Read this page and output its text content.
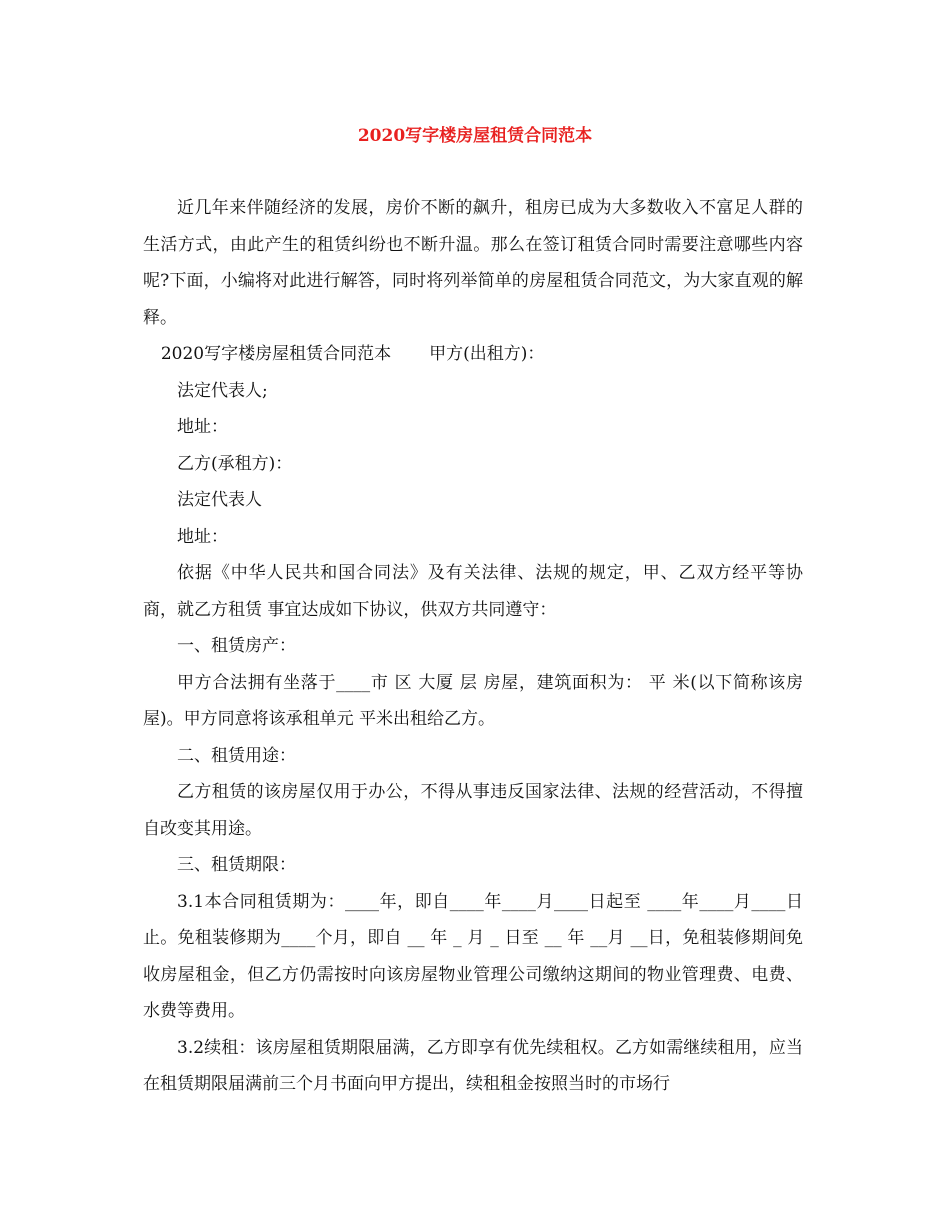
2020写字楼房屋租赁合同范本

近几年来伴随经济的发展，房价不断的飙升，租房已成为大多数收入不富足人群的生活方式，由此产生的租赁纠纷也不断升温。那么在签订租赁合同时需要注意哪些内容呢?下面，小编将对此进行解答，同时将列举简单的房屋租赁合同范文，为大家直观的解释。

2020写字楼房屋租赁合同范本 甲方(出租方)：

法定代表人;

地址：

乙方(承租方)：

法定代表人

地址：

依据《中华人民共和国合同法》及有关法律、法规的规定，甲、乙双方经平等协商，就乙方租赁 事宜达成如下协议，供双方共同遵守：

一、租赁房产：

甲方合法拥有坐落于____市 区 大厦 层 房屋，建筑面积为： 平 米(以下简称该房屋)。甲方同意将该承租单元 平米出租给乙方。

二、租赁用途：

乙方租赁的该房屋仅用于办公，不得从事违反国家法律、法规的经营活动，不得擅自改变其用途。

三、租赁期限：

3.1本合同租赁期为：____年，即自____年____月____日起至 ____年____月____日止。免租装修期为____个月，即自 __ 年 _ 月 _ 日至 __ 年 __月 __日，免租装修期间免收房屋租金，但乙方仍需按时向该房屋物业管理公司缴纳这期间的物业管理费、电费、水费等费用。

3.2续租：该房屋租赁期限届满，乙方即享有优先续租权。乙方如需继续租用，应当在租赁期限届满前三个月书面向甲方提出，续租租金按照当时的市场行
